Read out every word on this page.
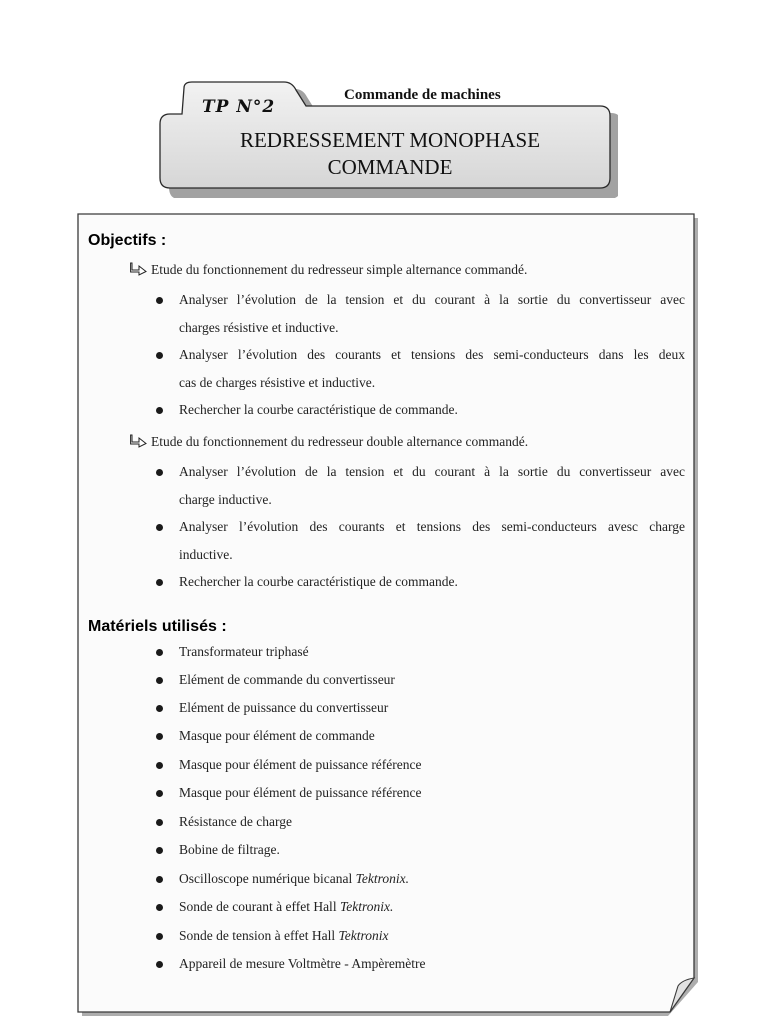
TP N°2
Commande de machines
REDRESSEMENT MONOPHASE
COMMANDE
Objectifs :
Etude du fonctionnement du redresseur simple alternance commandé.
Analyser l’évolution de la tension et du courant à la sortie du convertisseur avec
charges résistive et inductive.
Analyser l’évolution des courants et tensions des semi-conducteurs dans les deux
cas de charges résistive et inductive.
Rechercher la courbe caractéristique de commande.
Etude du fonctionnement du redresseur double alternance commandé.
Analyser l’évolution de la tension et du courant à la sortie du convertisseur avec
charge inductive.
Analyser l’évolution des courants et tensions des semi-conducteurs avesc charge
inductive.
Rechercher la courbe caractéristique de commande.
Matériels utilisés :
Transformateur triphasé
Elément de commande du convertisseur
Elément de puissance du convertisseur
Masque pour élément de commande
Masque pour élément de puissance référence
Masque pour élément de puissance référence
Résistance de charge
Bobine de filtrage.
Oscilloscope numérique bicanal Tektronix.
Sonde de courant à effet Hall Tektronix.
Sonde de tension à effet Hall Tektronix
Appareil de mesure Voltmètre - Ampèremètre
